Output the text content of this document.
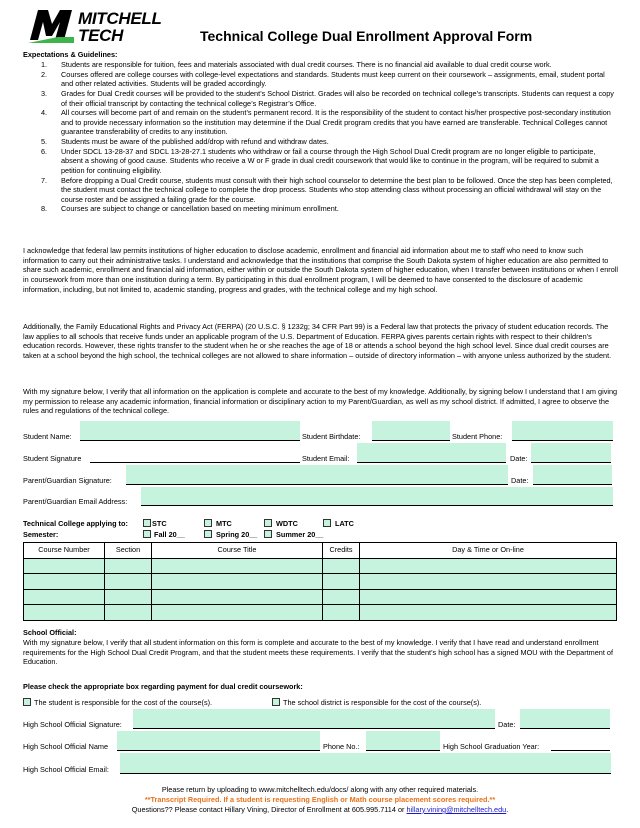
MITCHELL
TECH	Technical College Dual Enrollment Approval Form
Expectations & Guidelines:
1. Students are responsible for tuition, fees and materials associated with dual credit courses. There is no financial aid available to dual credit course work.
2. Courses offered are college courses with college-level expectations and standards. Students must keep current on their coursework – assignments, email, student portal and other related activities. Students will be graded accordingly.
3. Grades for Dual Credit courses will be provided to the student’s School District. Grades will also be recorded on technical college’s transcripts. Students can request a copy of their official transcript by contacting the technical college’s Registrar’s Office.
4. All courses will become part of and remain on the student’s permanent record. It is the responsibility of the student to contact his/her prospective post-secondary institution and to provide necessary information so the institution may determine if the Dual Credit program credits that you have earned are transferable. Technical Colleges cannot guarantee transferability of credits to any institution.
5. Students must be aware of the published add/drop with refund and withdraw dates.
6. Under SDCL 13-28-37 and SDCL 13-28-27.1 students who withdraw or fail a course through the High School Dual Credit program are no longer eligible to participate, absent a showing of good cause. Students who receive a W or F grade in dual credit coursework that would like to continue in the program, will be required to submit a petition for continuing eligibility.
7. Before dropping a Dual Credit course, students must consult with their high school counselor to determine the best plan to be followed. Once the step has been completed, the student must contact the technical college to complete the drop process. Students who stop attending class without processing an official withdrawal will stay on the course roster and be assigned a failing grade for the course.
8. Courses are subject to change or cancellation based on meeting minimum enrollment.
I acknowledge that federal law permits institutions of higher education to disclose academic, enrollment and financial aid information about me to staff who need to know such information to carry out their administrative tasks. I understand and acknowledge that the institutions that comprise the South Dakota system of higher education are also permitted to share such academic, enrollment and financial aid information, either within or outside the South Dakota system of higher education, when I transfer between institutions or when I enroll in coursework from more than one institution during a term. By participating in this dual enrollment program, I will be deemed to have consented to the disclosure of academic information, including, but not limited to, academic standing, progress and grades, with the technical college and my high school.
Additionally, the Family Educational Rights and Privacy Act (FERPA) (20 U.S.C. § 1232g; 34 CFR Part 99) is a Federal law that protects the privacy of student education records. The law applies to all schools that receive funds under an applicable program of the U.S. Department of Education. FERPA gives parents certain rights with respect to their children’s education records. However, these rights transfer to the student when he or she reaches the age of 18 or attends a school beyond the high school level. Since dual credit courses are taken at a school beyond the high school, the technical colleges are not allowed to share information – outside of directory information – with anyone unless authorized by the student.
With my signature below, I verify that all information on the application is complete and accurate to the best of my knowledge. Additionally, by signing below I understand that I am giving my permission to release any academic information, financial information or disciplinary action to my Parent/Guardian, as well as my school district. If admitted, I agree to observe the rules and regulations of the technical college.
Student Name:	Student Birthdate:	Student Phone:
Student Signature	Student Email:	Date:
Parent/Guardian Signature:	Date:
Parent/Guardian Email Address:
Technical College applying to:	STC	MTC	WDTC	LATC
Semester:	Fall 20__	Spring 20__	Summer 20__
Course Number	Section	Course Title	Credits	Day & Time or On-line

School Official:
With my signature below, I verify that all student information on this form is complete and accurate to the best of my knowledge. I verify that I have read and understand enrollment requirements for the High School Dual Credit Program, and that the student meets these requirements. I verify that the student’s high school has a signed MOU with the Department of Education.
Please check the appropriate box regarding payment for dual credit coursework:
The student is responsible for the cost of the course(s).	The school district is responsible for the cost of the course(s).
High School Official Signature:	Date:
High School Official Name	Phone No.:	High School Graduation Year:
High School Official Email:
Please return by uploading to www.mitchelltech.edu/docs/ along with any other required materials.
**Transcript Required. If a student is requesting English or Math course placement scores required.**
Questions?? Please contact Hillary Vining, Director of Enrollment at 605.995.7114 or hillary.vining@mitchelltech.edu.
